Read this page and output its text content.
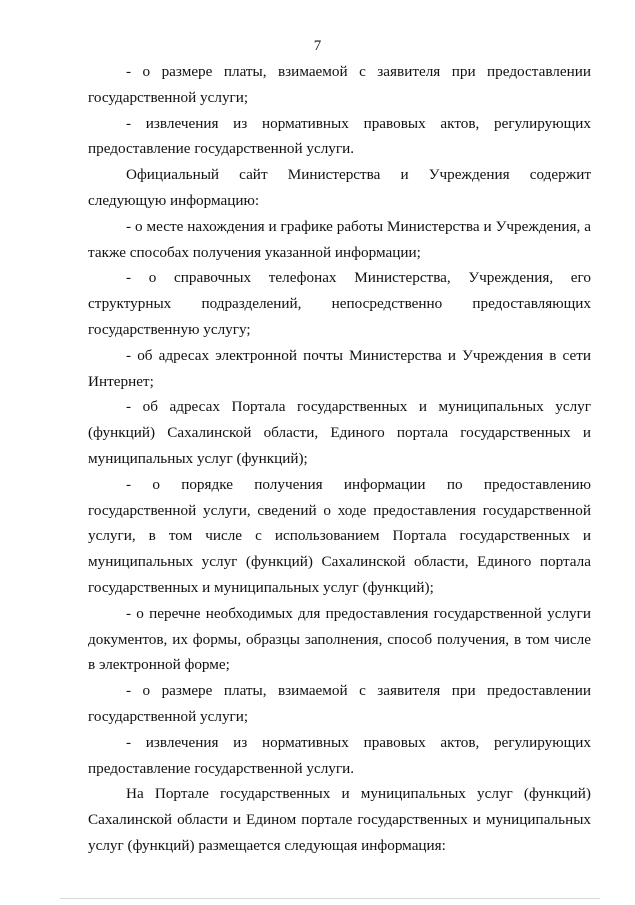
7

- о размере платы, взимаемой с заявителя при предоставлении государственной услуги;

- извлечения из нормативных правовых актов, регулирующих предоставление государственной услуги.

Официальный сайт Министерства и Учреждения содержит следующую информацию:

- о месте нахождения и графике работы Министерства и Учреждения, а также способах получения указанной информации;

- о справочных телефонах Министерства, Учреждения, его структурных подразделений, непосредственно предоставляющих государственную услугу;

- об адресах электронной почты Министерства и Учреждения в сети Интернет;

- об адресах Портала государственных и муниципальных услуг (функций) Сахалинской области, Единого портала государственных и муниципальных услуг (функций);

- о порядке получения информации по предоставлению государственной услуги, сведений о ходе предоставления государственной услуги, в том числе с использованием Портала государственных и муниципальных услуг (функций) Сахалинской области, Единого портала государственных и муниципальных услуг (функций);

- о перечне необходимых для предоставления государственной услуги документов, их формы, образцы заполнения, способ получения, в том числе в электронной форме;

- о размере платы, взимаемой с заявителя при предоставлении государственной услуги;

- извлечения из нормативных правовых актов, регулирующих предоставление государственной услуги.

На Портале государственных и муниципальных услуг (функций) Сахалинской области и Едином портале государственных и муниципальных услуг (функций) размещается следующая информация:
